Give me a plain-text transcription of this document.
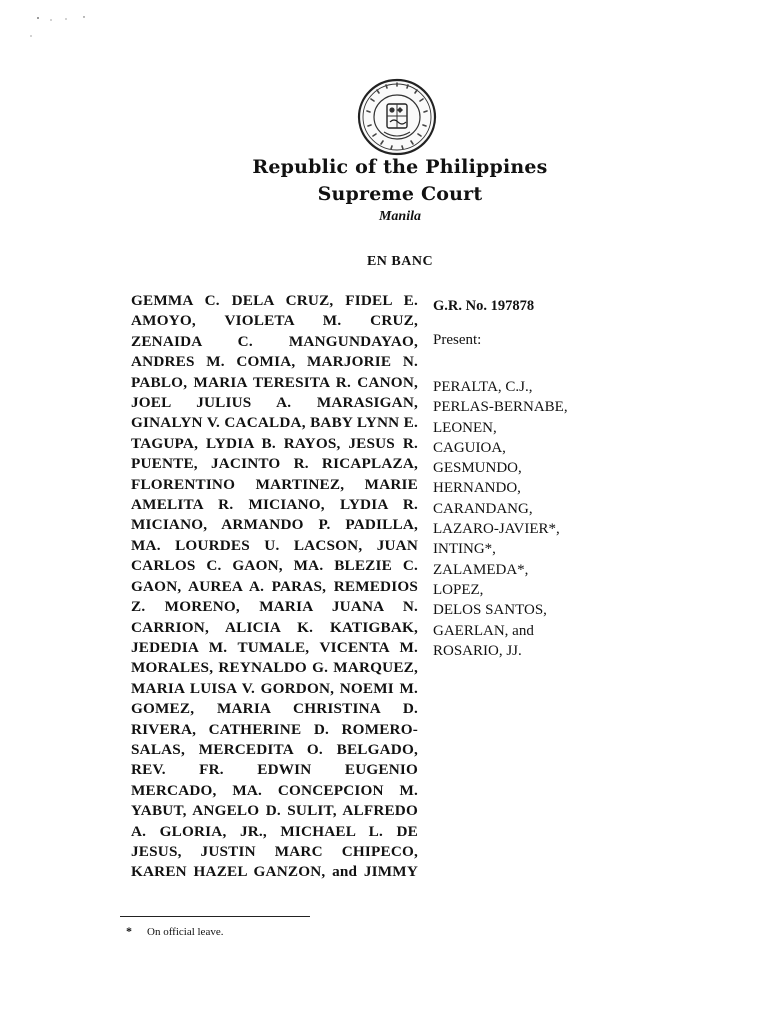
Republic of the Philippines
Supreme Court
Manila
EN BANC
GEMMA C. DELA CRUZ, FIDEL E. AMOYO, VIOLETA M. CRUZ, ZENAIDA C. MANGUNDAYAO, ANDRES M. COMIA, MARJORIE N. PABLO, MARIA TERESITA R. CANON, JOEL JULIUS A. MARASIGAN, GINALYN V. CACALDA, BABY LYNN E. TAGUPA, LYDIA B. RAYOS, JESUS R. PUENTE, JACINTO R. RICAPLAZA, FLORENTINO MARTINEZ, MARIE AMELITA R. MICIANO, LYDIA R. MICIANO, ARMANDO P. PADILLA, MA. LOURDES U. LACSON, JUAN CARLOS C. GAON, MA. BLEZIE C. GAON, AUREA A. PARAS, REMEDIOS Z. MORENO, MARIA JUANA N. CARRION, ALICIA K. KATIGBAK, JEDEDIA M. TUMALE, VICENTA M. MORALES, REYNALDO G. MARQUEZ, MARIA LUISA V. GORDON, NOEMI M. GOMEZ, MARIA CHRISTINA D. RIVERA, CATHERINE D. ROMERO-SALAS, MERCEDITA O. BELGADO, REV. FR. EDWIN EUGENIO MERCADO, MA. CONCEPCION M. YABUT, ANGELO D. SULIT, ALFREDO A. GLORIA, JR., MICHAEL L. DE JESUS, JUSTIN MARC CHIPECO, KAREN HAZEL GANZON, and JIMMY
G.R. No. 197878
Present:
PERALTA, C.J.,
PERLAS-BERNABE,
LEONEN,
CAGUIOA,
GESMUNDO,
HERNANDO,
CARANDANG,
LAZARO-JAVIER*,
INTING*,
ZALAMEDA*,
LOPEZ,
DELOS SANTOS,
GAERLAN, and
ROSARIO, JJ.
* On official leave.
